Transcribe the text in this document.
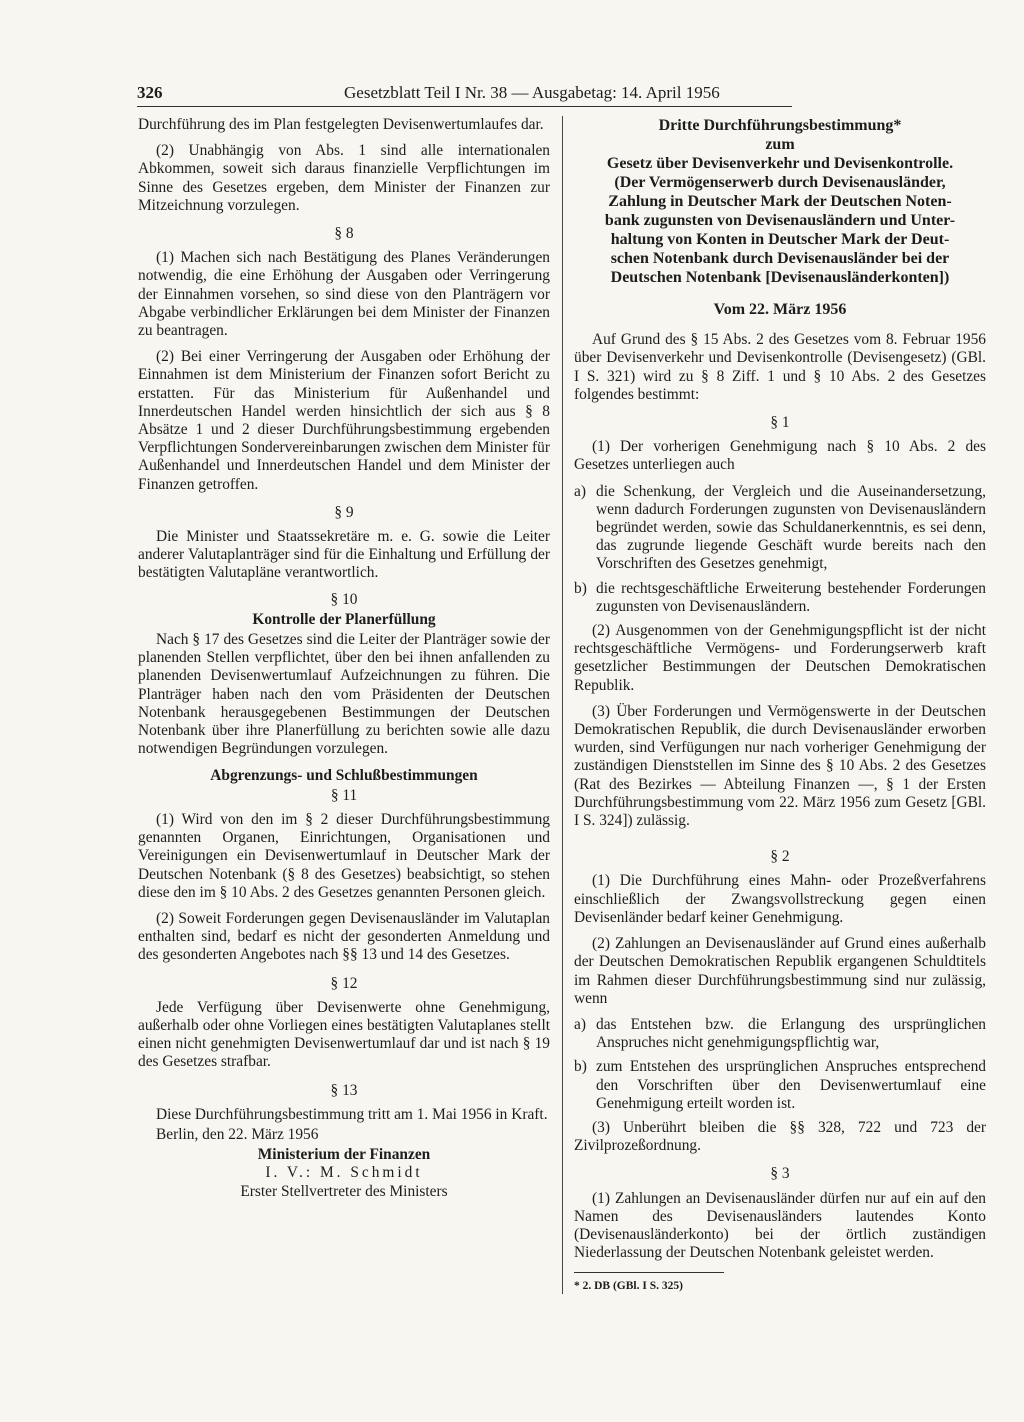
326	Gesetzblatt Teil I Nr. 38 — Ausgabetag: 14. April 1956

Durchführung des im Plan festgelegten Devisenwertumlaufes dar.

(2) Unabhängig von Abs. 1 sind alle internationalen Abkommen, soweit sich daraus finanzielle Verpflichtungen im Sinne des Gesetzes ergeben, dem Minister der Finanzen zur Mitzeichnung vorzulegen.

§ 8

(1) Machen sich nach Bestätigung des Planes Veränderungen notwendig, die eine Erhöhung der Ausgaben oder Verringerung der Einnahmen vorsehen, so sind diese von den Planträgern vor Abgabe verbindlicher Erklärungen bei dem Minister der Finanzen zu beantragen.

(2) Bei einer Verringerung der Ausgaben oder Erhöhung der Einnahmen ist dem Ministerium der Finanzen sofort Bericht zu erstatten. Für das Ministerium für Außenhandel und Innerdeutschen Handel werden hinsichtlich der sich aus § 8 Absätze 1 und 2 dieser Durchführungsbestimmung ergebenden Verpflichtungen Sondervereinbarungen zwischen dem Minister für Außenhandel und Innerdeutschen Handel und dem Minister der Finanzen getroffen.

§ 9

Die Minister und Staatssekretäre m. e. G. sowie die Leiter anderer Valutaplanträger sind für die Einhaltung und Erfüllung der bestätigten Valutapläne verantwortlich.

§ 10
Kontrolle der Planerfüllung

Nach § 17 des Gesetzes sind die Leiter der Planträger sowie der planenden Stellen verpflichtet, über den bei ihnen anfallenden zu planenden Devisenwertumlauf Aufzeichnungen zu führen. Die Planträger haben nach den vom Präsidenten der Deutschen Notenbank herausgegebenen Bestimmungen der Deutschen Notenbank über ihre Planerfüllung zu berichten sowie alle dazu notwendigen Begründungen vorzulegen.

Abgrenzungs- und Schlußbestimmungen
§ 11

(1) Wird von den im § 2 dieser Durchführungsbestimmung genannten Organen, Einrichtungen, Organisationen und Vereinigungen ein Devisenwertumlauf in Deutscher Mark der Deutschen Notenbank (§ 8 des Gesetzes) beabsichtigt, so stehen diese den im § 10 Abs. 2 des Gesetzes genannten Personen gleich.

(2) Soweit Forderungen gegen Devisenausländer im Valutaplan enthalten sind, bedarf es nicht der gesonderten Anmeldung und des gesonderten Angebotes nach §§ 13 und 14 des Gesetzes.

§ 12

Jede Verfügung über Devisenwerte ohne Genehmigung, außerhalb oder ohne Vorliegen eines bestätigten Valutaplanes stellt einen nicht genehmigten Devisenwertumlauf dar und ist nach § 19 des Gesetzes strafbar.

§ 13

Diese Durchführungsbestimmung tritt am 1. Mai 1956 in Kraft.

Berlin, den 22. März 1956

Ministerium der Finanzen
I. V.: M. Schmidt
Erster Stellvertreter des Ministers
Dritte Durchführungsbestimmung*
zum
Gesetz über Devisenverkehr und Devisenkontrolle.
(Der Vermögenserwerb durch Devisenausländer,
Zahlung in Deutscher Mark der Deutschen Noten-
bank zugunsten von Devisenausländern und Unter-
haltung von Konten in Deutscher Mark der Deut-
schen Notenbank durch Devisenausländer bei der
Deutschen Notenbank [Devisenausländerkonten])
Vom 22. März 1956

Auf Grund des § 15 Abs. 2 des Gesetzes vom 8. Februar 1956 über Devisenverkehr und Devisenkontrolle (Devisengesetz) (GBl. I S. 321) wird zu § 8 Ziff. 1 und § 10 Abs. 2 des Gesetzes folgendes bestimmt:

§ 1

(1) Der vorherigen Genehmigung nach § 10 Abs. 2 des Gesetzes unterliegen auch

a) die Schenkung, der Vergleich und die Auseinandersetzung, wenn dadurch Forderungen zugunsten von Devisenausländern begründet werden, sowie das Schuldanerkenntnis, es sei denn, das zugrunde liegende Geschäft wurde bereits nach den Vorschriften des Gesetzes genehmigt,
b) die rechtsgeschäftliche Erweiterung bestehender Forderungen zugunsten von Devisenausländern.

(2) Ausgenommen von der Genehmigungspflicht ist der nicht rechtsgeschäftliche Vermögens- und Forderungserwerb kraft gesetzlicher Bestimmungen der Deutschen Demokratischen Republik.

(3) Über Forderungen und Vermögenswerte in der Deutschen Demokratischen Republik, die durch Devisenausländer erworben wurden, sind Verfügungen nur nach vorheriger Genehmigung der zuständigen Dienststellen im Sinne des § 10 Abs. 2 des Gesetzes (Rat des Bezirkes — Abteilung Finanzen —, § 1 der Ersten Durchführungsbestimmung vom 22. März 1956 zum Gesetz [GBl. I S. 324]) zulässig.

§ 2

(1) Die Durchführung eines Mahn- oder Prozeßverfahrens einschließlich der Zwangsvollstreckung gegen einen Devisenländer bedarf keiner Genehmigung.

(2) Zahlungen an Devisenausländer auf Grund eines außerhalb der Deutschen Demokratischen Republik ergangenen Schuldtitels im Rahmen dieser Durchführungsbestimmung sind nur zulässig, wenn

a) das Entstehen bzw. die Erlangung des ursprünglichen Anspruches nicht genehmigungspflichtig war,
b) zum Entstehen des ursprünglichen Anspruches entsprechend den Vorschriften über den Devisenwertumlauf eine Genehmigung erteilt worden ist.

(3) Unberührt bleiben die §§ 328, 722 und 723 der Zivilprozeßordnung.

§ 3

(1) Zahlungen an Devisenausländer dürfen nur auf ein auf den Namen des Devisenausländers lautendes Konto (Devisenausländerkonto) bei der örtlich zuständigen Niederlassung der Deutschen Notenbank geleistet werden.

* 2. DB (GBl. I S. 325)
